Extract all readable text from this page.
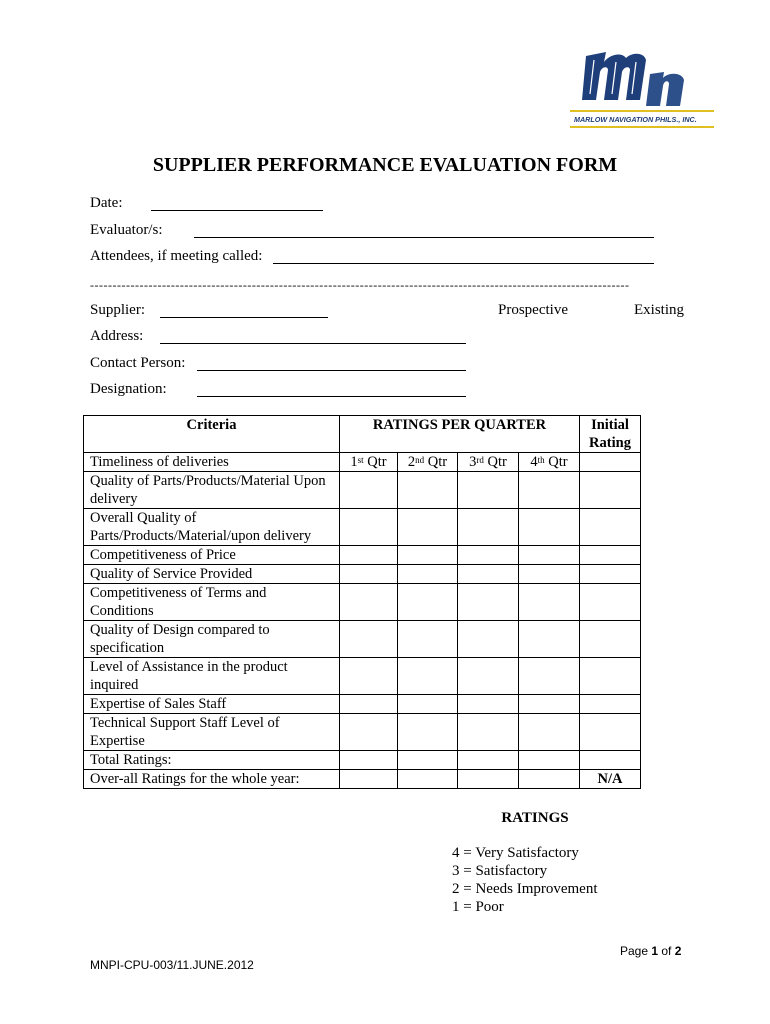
MARLOW NAVIGATION PHILS., INC.
SUPPLIER PERFORMANCE EVALUATION FORM
Date:
Evaluator/s:
Attendees, if meeting called:
------------------------------------------------------------------------------------------------------------------------
Supplier:	Prospective	Existing
Address:
Contact Person:
Designation:
Criteria	RATINGS PER QUARTER				Initial
Rating
Timeliness of deliveries	1st Qtr	2nd Qtr	3rd Qtr	4th Qtr	
Quality of Parts/Products/Material Upon delivery					
Overall Quality of Parts/Products/Material/upon delivery					
Competitiveness of Price					
Quality of Service Provided					
Competitiveness of Terms and Conditions					
Quality of Design compared to specification					
Level of Assistance in the product inquired					
Expertise of Sales Staff					
Technical Support Staff Level of Expertise					
Total Ratings:					
Over-all Ratings for the whole year:					N/A
RATINGS
4 = Very Satisfactory
3 = Satisfactory
2 = Needs Improvement
1 = Poor
Page 1 of 2
MNPI-CPU-003/11.JUNE.2012
